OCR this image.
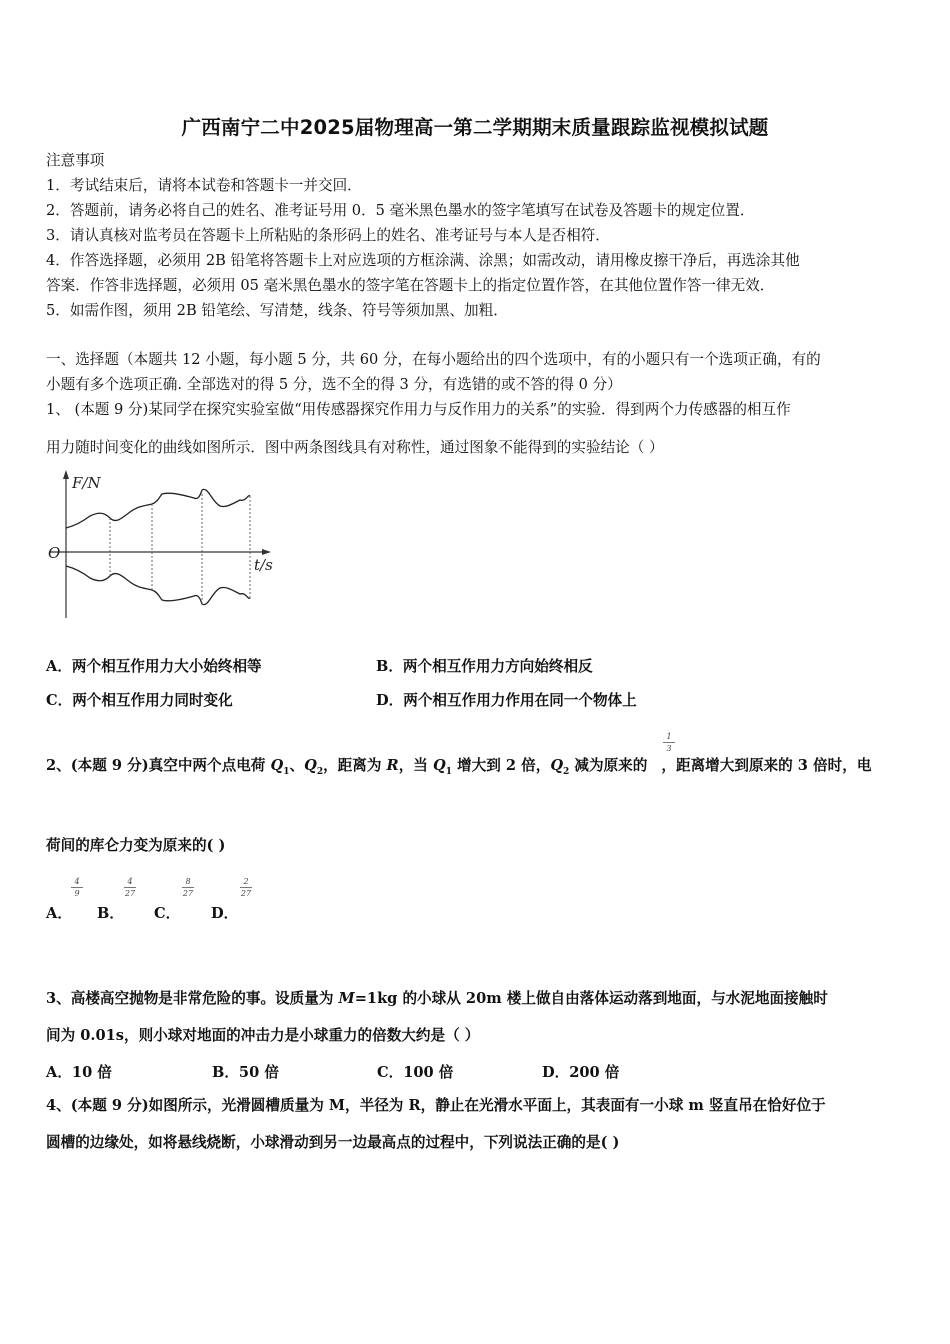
广西南宁二中2025届物理高一第二学期期末质量跟踪监视模拟试题
注意事项
1．考试结束后，请将本试卷和答题卡一并交回．
2．答题前，请务必将自己的姓名、准考证号用 0．5 毫米黑色墨水的签字笔填写在试卷及答题卡的规定位置．
3．请认真核对监考员在答题卡上所粘贴的条形码上的姓名、准考证号与本人是否相符．
4．作答选择题，必须用 2B 铅笔将答题卡上对应选项的方框涂满、涂黑；如需改动，请用橡皮擦干净后，再选涂其他
答案．作答非选择题，必须用 05 毫米黑色墨水的签字笔在答题卡上的指定位置作答，在其他位置作答一律无效．
5．如需作图，须用 2B 铅笔绘、写清楚，线条、符号等须加黑、加粗．
一、选择题（本题共 12 小题，每小题 5 分，共 60 分，在每小题给出的四个选项中，有的小题只有一个选项正确，有的
小题有多个选项正确. 全部选对的得 5 分，选不全的得 3 分，有选错的或不答的得 0 分）
1、 (本题 9 分)某同学在探究实验室做“用传感器探究作用力与反作用力的关系”的实验．得到两个力传感器的相互作
用力随时间变化的曲线如图所示．图中两条图线具有对称性，通过图象不能得到的实验结论（ ）
F/N
O
t/s
A．两个相互作用力大小始终相等	B．两个相互作用力方向始终相反
C．两个相互作用力同时变化	D．两个相互作用力作用在同一个物体上
2、(本题 9 分)真空中两个点电荷 $Q_1$、$Q_2$，距离为 R，当 $Q_1$ 增大到 2 倍，$Q_2$ 减为原来的 ，距离增大到原来的 3 倍时，电
1
3
荷间的库仑力变为原来的( )
A．
4
9
B．
4
27
C．
8
27
D．
2
27
3、高楼高空抛物是非常危险的事。设质量为 M=1kg 的小球从 20m 楼上做自由落体运动落到地面，与水泥地面接触时
间为 0.01s，则小球对地面的冲击力是小球重力的倍数大约是（ ）
A．10 倍	B．50 倍	C．100 倍	D．200 倍
4、(本题 9 分)如图所示，光滑圆槽质量为 M，半径为 R，静止在光滑水平面上，其表面有一小球 m 竖直吊在恰好位于
圆槽的边缘处，如将悬线烧断，小球滑动到另一边最高点的过程中，下列说法正确的是( )
